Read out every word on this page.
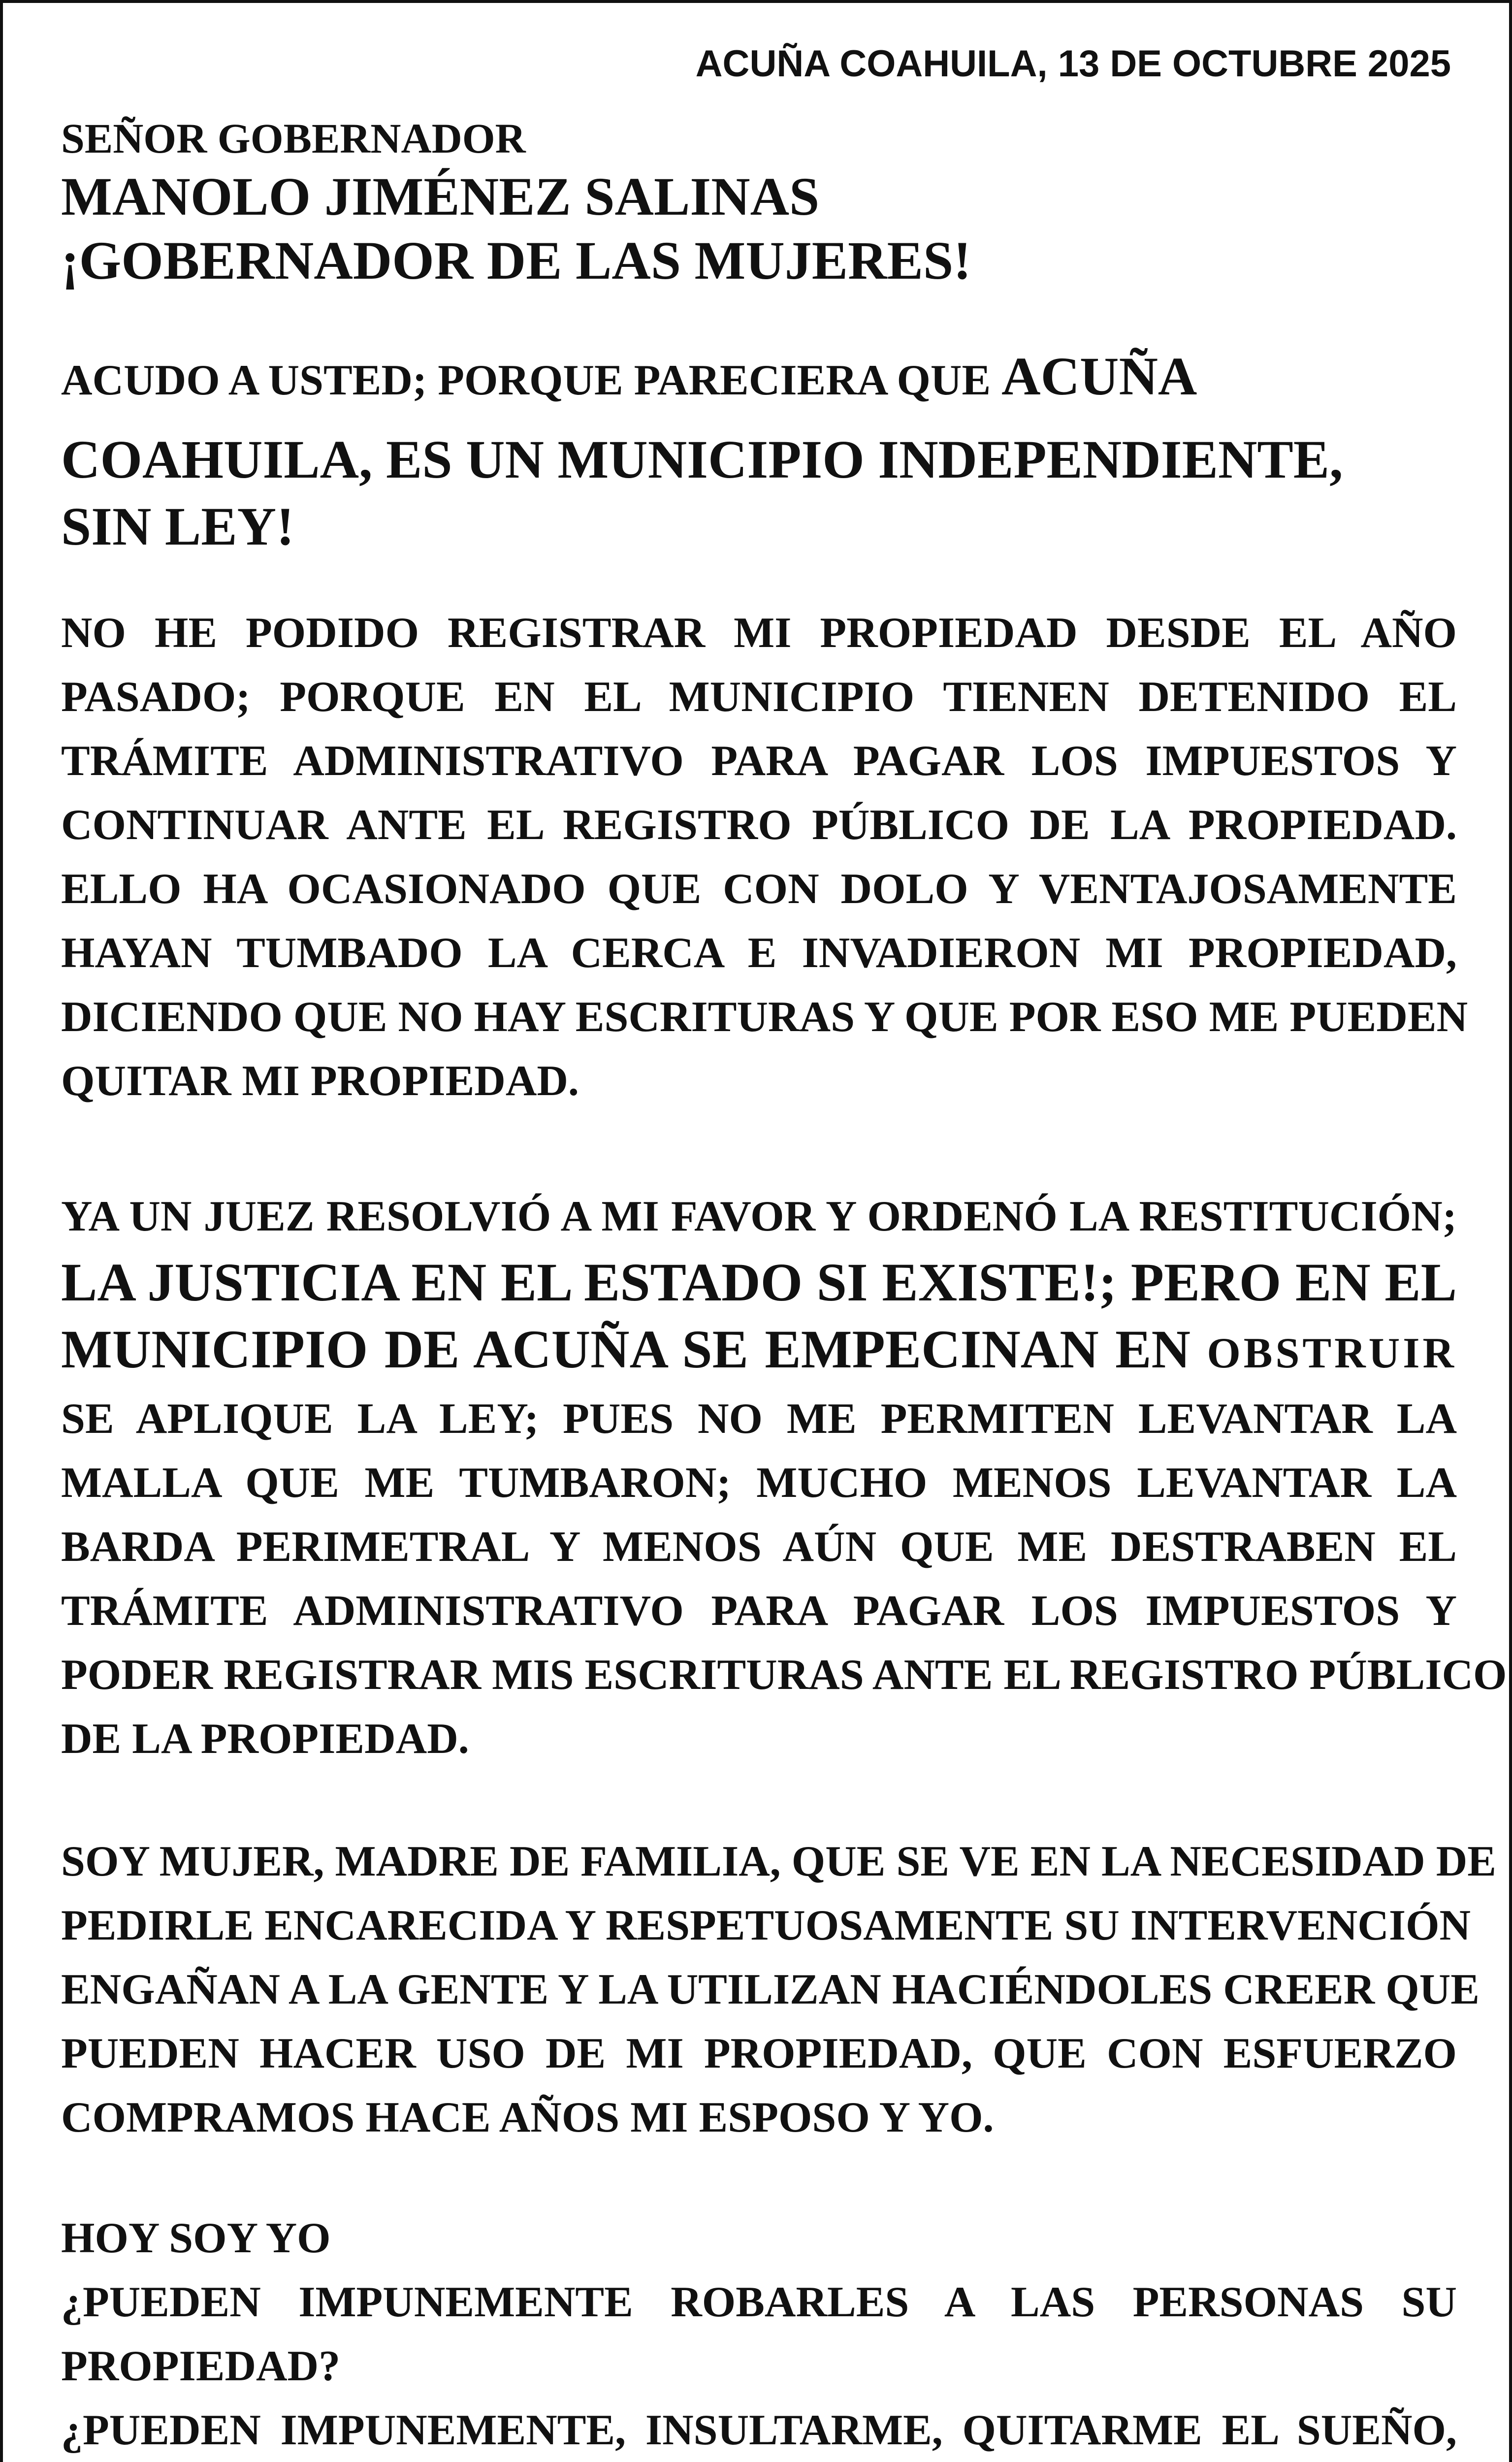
ACUÑA COAHUILA, 13 DE OCTUBRE 2025
SEÑOR GOBERNADOR
MANOLO JIMÉNEZ SALINAS
¡GOBERNADOR DE LAS MUJERES!
ACUDO A USTED; PORQUE PARECIERA QUE ACUÑA
COAHUILA, ES UN MUNICIPIO INDEPENDIENTE,
SIN LEY!
NO HE PODIDO REGISTRAR MI PROPIEDAD DESDE EL AÑO
PASADO; PORQUE EN EL MUNICIPIO TIENEN DETENIDO EL
TRÁMITE ADMINISTRATIVO PARA PAGAR LOS IMPUESTOS Y
CONTINUAR ANTE EL REGISTRO PÚBLICO DE LA PROPIEDAD.
ELLO HA OCASIONADO QUE CON DOLO Y VENTAJOSAMENTE
HAYAN TUMBADO LA CERCA E INVADIERON MI PROPIEDAD,
DICIENDO QUE NO HAY ESCRITURAS Y QUE POR ESO ME PUEDEN
QUITAR MI PROPIEDAD.
YA UN JUEZ RESOLVIÓ A MI FAVOR Y ORDENÓ LA RESTITUCIÓN;
LA JUSTICIA EN EL ESTADO SI EXISTE!; PERO EN EL
MUNICIPIO DE ACUÑA SE EMPECINAN EN OBSTRUIR
SE APLIQUE LA LEY; PUES NO ME PERMITEN LEVANTAR LA
MALLA QUE ME TUMBARON; MUCHO MENOS LEVANTAR LA
BARDA PERIMETRAL Y MENOS AÚN QUE ME DESTRABEN EL
TRÁMITE ADMINISTRATIVO PARA PAGAR LOS IMPUESTOS Y
PODER REGISTRAR MIS ESCRITURAS ANTE EL REGISTRO PÚBLICO
DE LA PROPIEDAD.
SOY MUJER, MADRE DE FAMILIA, QUE SE VE EN LA NECESIDAD DE
PEDIRLE ENCARECIDA Y RESPETUOSAMENTE SU INTERVENCIÓN
ENGAÑAN A LA GENTE Y LA UTILIZAN HACIÉNDOLES CREER QUE
PUEDEN HACER USO DE MI PROPIEDAD, QUE CON ESFUERZO
COMPRAMOS HACE AÑOS MI ESPOSO Y YO.
HOY SOY YO
¿PUEDEN IMPUNEMENTE ROBARLES A LAS PERSONAS SU
PROPIEDAD?
¿PUEDEN IMPUNEMENTE, INSULTARME, QUITARME EL SUEÑO,
